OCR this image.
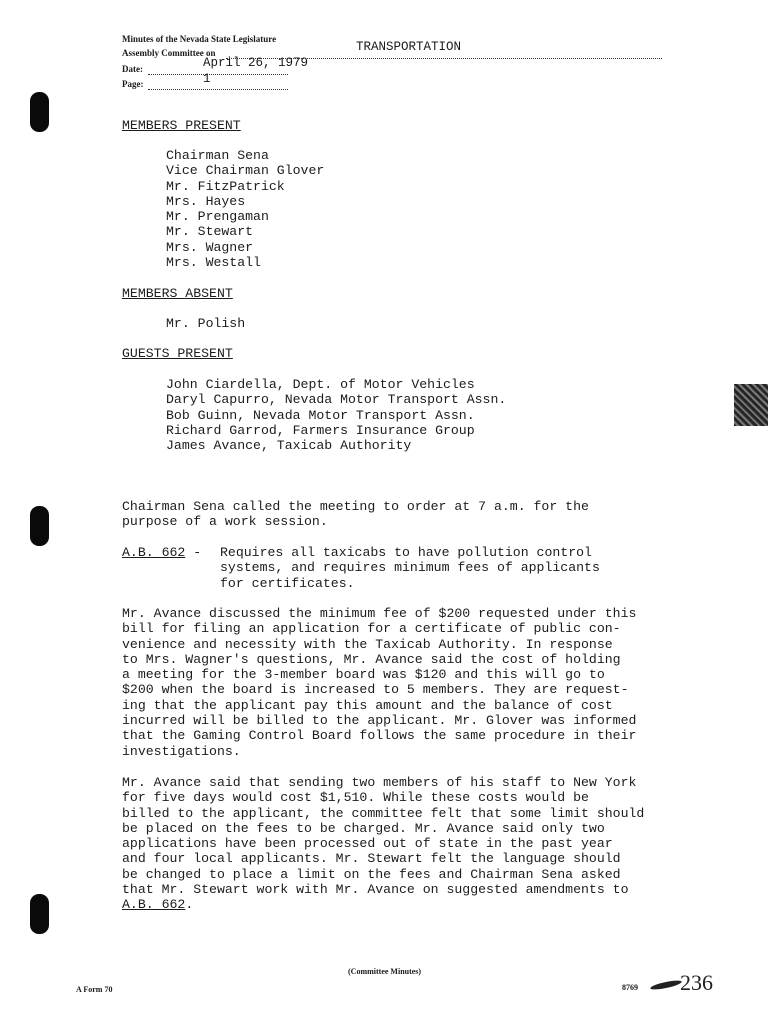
Minutes of the Nevada State Legislature
Assembly Committee on	TRANSPORTATION
Date:	April 26, 1979
Page:	1
MEMBERS PRESENT
Chairman Sena
Vice Chairman Glover
Mr. FitzPatrick
Mrs. Hayes
Mr. Prengaman
Mr. Stewart
Mrs. Wagner
Mrs. Westall
MEMBERS ABSENT
Mr. Polish
GUESTS PRESENT
John Ciardella, Dept. of Motor Vehicles
Daryl Capurro, Nevada Motor Transport Assn.
Bob Guinn, Nevada Motor Transport Assn.
Richard Garrod, Farmers Insurance Group
James Avance, Taxicab Authority
Chairman Sena called the meeting to order at 7 a.m. for the
purpose of a work session.
A.B. 662 - Requires all taxicabs to have pollution control
systems, and requires minimum fees of applicants
for certificates.
Mr. Avance discussed the minimum fee of $200 requested under this
bill for filing an application for a certificate of public con-
venience and necessity with the Taxicab Authority. In response
to Mrs. Wagner's questions, Mr. Avance said the cost of holding
a meeting for the 3-member board was $120 and this will go to
$200 when the board is increased to 5 members. They are request-
ing that the applicant pay this amount and the balance of cost
incurred will be billed to the applicant. Mr. Glover was informed
that the Gaming Control Board follows the same procedure in their
investigations.
Mr. Avance said that sending two members of his staff to New York
for five days would cost $1,510. While these costs would be
billed to the applicant, the committee felt that some limit should
be placed on the fees to be charged. Mr. Avance said only two
applications have been processed out of state in the past year
and four local applicants. Mr. Stewart felt the language should
be changed to place a limit on the fees and Chairman Sena asked
that Mr. Stewart work with Mr. Avance on suggested amendments to
A.B. 662.
A Form 70
(Committee Minutes)
8769 236
